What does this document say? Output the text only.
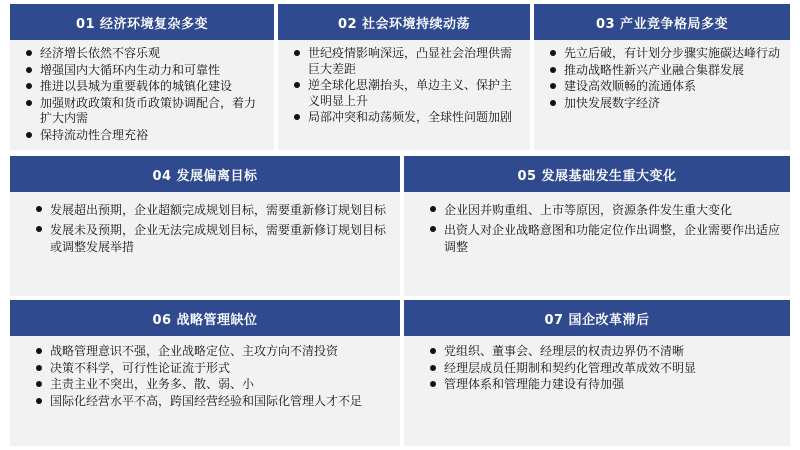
01 经济环境复杂多变
经济增长依然不容乐观
增强国内大循环内生动力和可靠性
推进以县城为重要载体的城镇化建设
加强财政政策和货币政策协调配合，着力扩大内需
保持流动性合理充裕
02 社会环境持续动荡
世纪疫情影响深远，凸显社会治理供需巨大差距
逆全球化思潮抬头，单边主义、保护主义明显上升
局部冲突和动荡频发，全球性问题加剧
03 产业竞争格局多变
先立后破，有计划分步骤实施碳达峰行动
推动战略性新兴产业融合集群发展
建设高效顺畅的流通体系
加快发展数字经济
04 发展偏离目标
发展超出预期，企业超额完成规划目标，需要重新修订规划目标
发展未及预期，企业无法完成规划目标，需要重新修订规划目标或调整发展举措
05 发展基础发生重大变化
企业因并购重组、上市等原因，资源条件发生重大变化
出资人对企业战略意图和功能定位作出调整，企业需要作出适应调整
06 战略管理缺位
战略管理意识不强，企业战略定位、主攻方向不清投资
决策不科学，可行性论证流于形式
主责主业不突出，业务多、散、弱、小
国际化经营水平不高，跨国经营经验和国际化管理人才不足
07 国企改革滞后
党组织、董事会、经理层的权责边界仍不清晰
经理层成员任期制和契约化管理改革成效不明显
管理体系和管理能力建设有待加强
